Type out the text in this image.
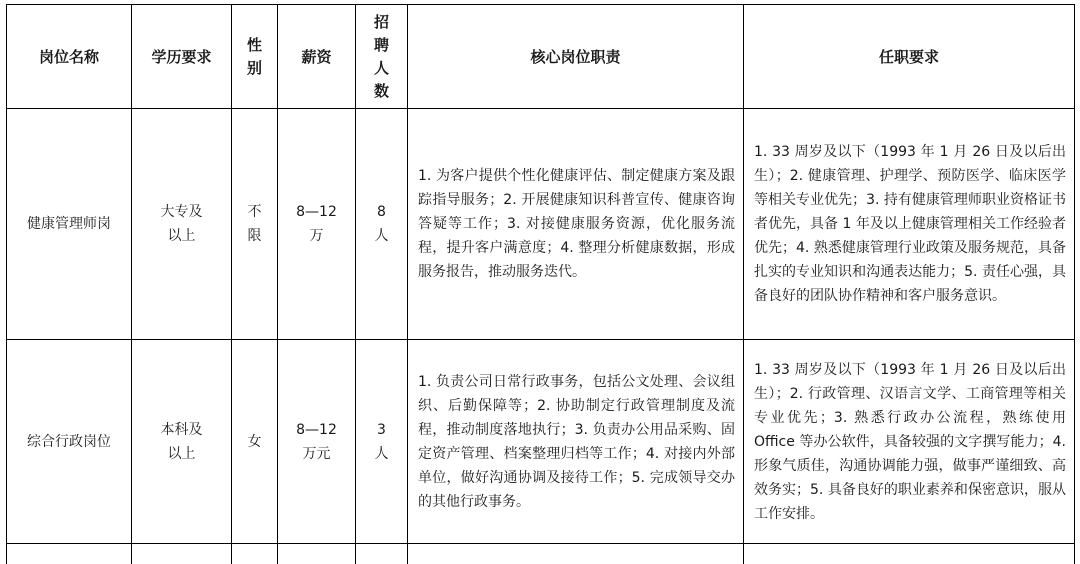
岗位名称	学历要求	性别	薪资	招聘人数	核心岗位职责	任职要求
健康管理师岗	大专及以上	不限	8—12万	8人	1. 为客户提供个性化健康评估、制定健康方案及跟踪指导服务；2. 开展健康知识科普宣传、健康咨询答疑等工作；3. 对接健康服务资源，优化服务流程，提升客户满意度；4. 整理分析健康数据，形成服务报告，推动服务迭代。	1. 33 周岁及以下（1993 年 1 月 26 日及以后出生）；2. 健康管理、护理学、预防医学、临床医学等相关专业优先；3. 持有健康管理师职业资格证书者优先，具备 1 年及以上健康管理相关工作经验者优先；4. 熟悉健康管理行业政策及服务规范，具备扎实的专业知识和沟通表达能力；5. 责任心强，具备良好的团队协作精神和客户服务意识。
综合行政岗位	本科及以上	女	8—12万元	3人	1. 负责公司日常行政事务，包括公文处理、会议组织、后勤保障等；2. 协助制定行政管理制度及流程，推动制度落地执行；3. 负责办公用品采购、固定资产管理、档案整理归档等工作；4. 对接内外部单位，做好沟通协调及接待工作；5. 完成领导交办的其他行政事务。	1. 33 周岁及以下（1993 年 1 月 26 日及以后出生）；2. 行政管理、汉语言文学、工商管理等相关专业优先；3. 熟悉行政办公流程，熟练使用 Office 等办公软件，具备较强的文字撰写能力；4. 形象气质佳，沟通协调能力强，做事严谨细致、高效务实；5. 具备良好的职业素养和保密意识，服从工作安排。
